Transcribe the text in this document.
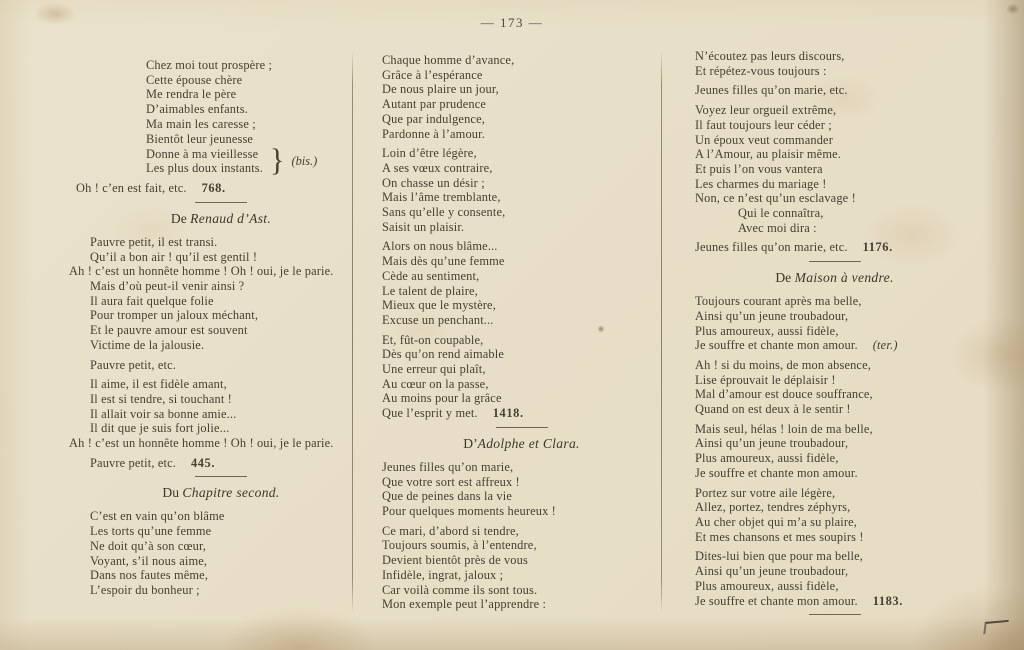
— 173 —
Chez moi tout prospère ;
Cette épouse chère
Me rendra le père
D’aimables enfants.
Ma main les caresse ;
Bientôt leur jeunesse
Donne à ma vieillesse
Les plus doux instants. } (bis.)
Oh ! c’en est fait, etc. 768.
De Renaud d’Ast.
Pauvre petit, il est transi.
Qu’il a bon air ! qu’il est gentil !
Ah ! c’est un honnête homme ! Oh ! oui, je le parie.
Mais d’où peut-il venir ainsi ?
Il aura fait quelque folie
Pour tromper un jaloux méchant,
Et le pauvre amour est souvent
Victime de la jalousie.
Pauvre petit, etc.
Il aime, il est fidèle amant,
Il est si tendre, si touchant !
Il allait voir sa bonne amie...
Il dit que je suis fort jolie...
Ah ! c’est un honnête homme ! Oh ! oui, je le parie.
Pauvre petit, etc. 445.
Du Chapitre second.
C’est en vain qu’on blâme
Les torts qu’une femme
Ne doit qu’à son cœur,
Voyant, s’il nous aime,
Dans nos fautes même,
L’espoir du bonheur ;
Chaque homme d’avance,
Grâce à l’espérance
De nous plaire un jour,
Autant par prudence
Que par indulgence,
Pardonne à l’amour.
Loin d’être légère,
A ses vœux contraire,
On chasse un désir ;
Mais l’âme tremblante,
Sans qu’elle y consente,
Saisit un plaisir.
Alors on nous blâme...
Mais dès qu’une femme
Cède au sentiment,
Le talent de plaire,
Mieux que le mystère,
Excuse un penchant...
Et, fût-on coupable,
Dès qu’on rend aimable
Une erreur qui plaît,
Au cœur on la passe,
Au moins pour la grâce
Que l’esprit y met. 1418.
D’Adolphe et Clara.
Jeunes filles qu’on marie,
Que votre sort est affreux !
Que de peines dans la vie
Pour quelques moments heureux !
Ce mari, d’abord si tendre,
Toujours soumis, à l’entendre,
Devient bientôt près de vous
Infidèle, ingrat, jaloux ;
Car voilà comme ils sont tous.
Mon exemple peut l’apprendre :
N’écoutez pas leurs discours,
Et répétez-vous toujours :
Jeunes filles qu’on marie, etc.
Voyez leur orgueil extrême,
Il faut toujours leur céder ;
Un époux veut commander
A l’Amour, au plaisir même.
Et puis l’on vous vantera
Les charmes du mariage !
Non, ce n’est qu’un esclavage !
Qui le connaîtra,
Avec moi dira :
Jeunes filles qu’on marie, etc. 1176.
De Maison à vendre.
Toujours courant après ma belle,
Ainsi qu’un jeune troubadour,
Plus amoureux, aussi fidèle,
Je souffre et chante mon amour. (ter.)
Ah ! si du moins, de mon absence,
Lise éprouvait le déplaisir !
Mal d’amour est douce souffrance,
Quand on est deux à le sentir !
Mais seul, hélas ! loin de ma belle,
Ainsi qu’un jeune troubadour,
Plus amoureux, aussi fidèle,
Je souffre et chante mon amour.
Portez sur votre aile légère,
Allez, portez, tendres zéphyrs,
Au cher objet qui m’a su plaire,
Et mes chansons et mes soupirs !
Dites-lui bien que pour ma belle,
Ainsi qu’un jeune troubadour,
Plus amoureux, aussi fidèle,
Je souffre et chante mon amour. 1183.
